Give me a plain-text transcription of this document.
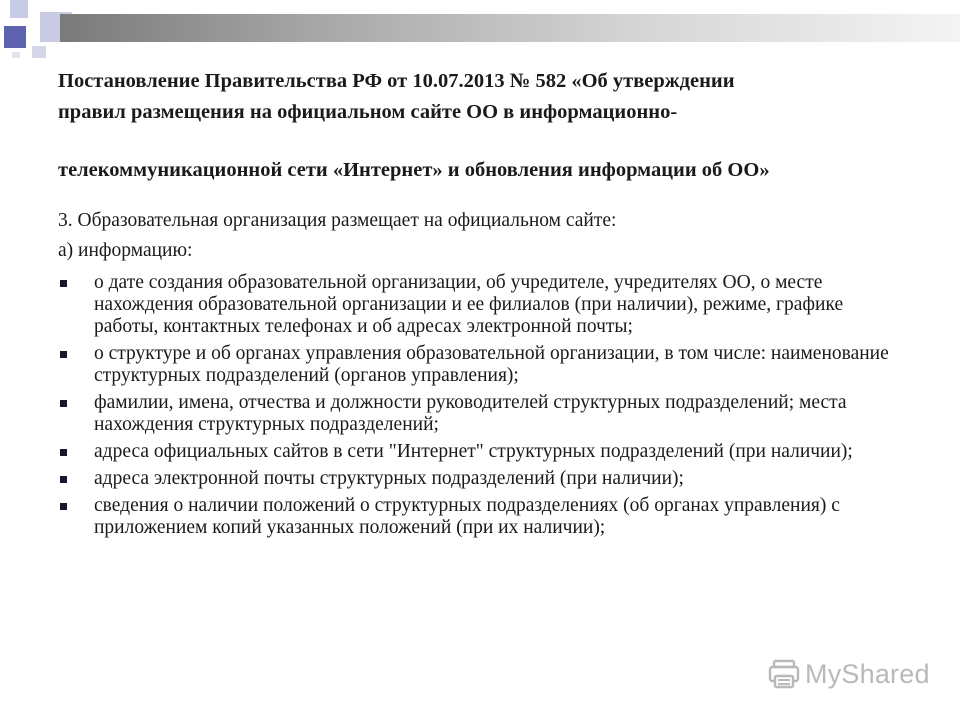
Постановление Правительства РФ от 10.07.2013 № 582 «Об утверждении
правил размещения на официальном сайте ОО в информационно-
телекоммуникационной сети «Интернет» и обновления информации об ОО»

3. Образовательная организация размещает на официальном сайте:

а) информацию:

о дате создания образовательной организации, об учредителе, учредителях ОО, о месте нахождения образовательной организации и ее филиалов (при наличии), режиме, графике работы, контактных телефонах и об адресах электронной почты;
о структуре и об органах управления образовательной организации, в том числе: наименование структурных подразделений (органов управления);
фамилии, имена, отчества и должности руководителей структурных подразделений; места нахождения структурных подразделений;
адреса официальных сайтов в сети "Интернет" структурных подразделений (при наличии);
адреса электронной почты структурных подразделений (при наличии);
сведения о наличии положений о структурных подразделениях (об органах управления) с приложением копий указанных положений (при их наличии);
MyShared
